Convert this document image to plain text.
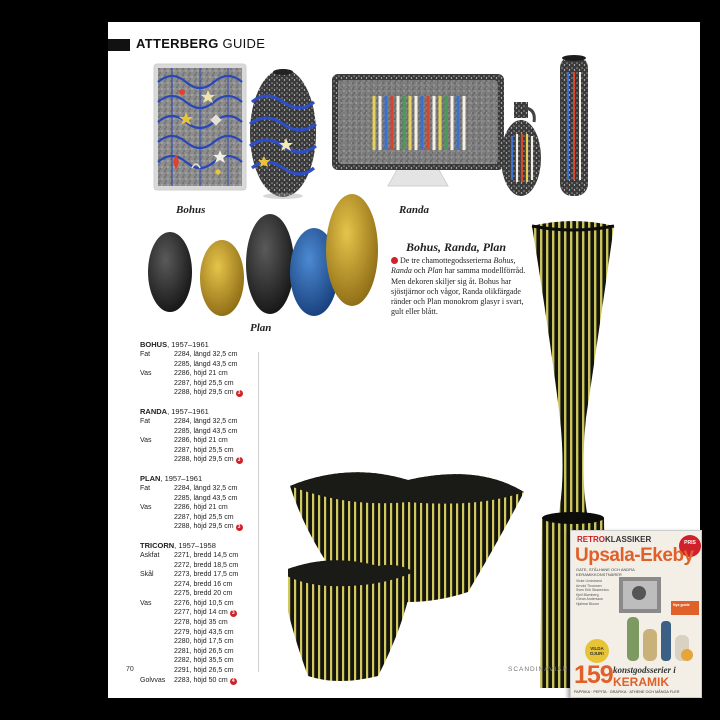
ATTERBERG GUIDE
Bohus	Randa
Plan
Bohus, Randa, Plan
De tre chamottegodsserierna Bohus, Randa och Plan har samma modellförråd. Men dekoren skiljer sig åt. Bohus har sjöstjärnor och vågor, Randa olikfärgade ränder och Plan monokrom glasyr i svart, gult eller blått.
BOHUS, 1957–1961
Fat	2284, längd 32,5 cm
2285, längd 43,5 cm
Vas	2286, höjd 21 cm
2287, höjd 25,5 cm
2288, höjd 29,5 cm 3
RANDA, 1957–1961
Fat	2284, längd 32,5 cm
2285, längd 43,5 cm
Vas	2286, höjd 21 cm
2287, höjd 25,5 cm
2288, höjd 29,5 cm 3
PLAN, 1957–1961
Fat	2284, längd 32,5 cm
2285, längd 43,5 cm
Vas	2286, höjd 21 cm
2287, höjd 25,5 cm
2288, höjd 29,5 cm 3
TRICORN, 1957–1958
Askfat	2271, bredd 14,5 cm
2272, bredd 18,5 cm
Skål	2273, bredd 17,5 cm
2274, bredd 16 cm
2275, bredd 20 cm
Vas	2276, höjd 10,5 cm
2277, höjd 14 cm 3
2278, höjd 35 cm
2279, höjd 43,5 cm
2280, höjd 17,5 cm
2281, höjd 26,5 cm
2282, höjd 35,5 cm
2291, höjd 26,5 cm
Golvvas	2283, höjd 50 cm 4
70	SCANDINAVIAN
RETROKLASSIKER	PRIS
Upsala-Ekeby
GATE, STÅLHANE OCH ANDRA KERAMIKKONSTNÄRER
Vicke Lindstrand
Arnold Thomsen
Sven Erik Skawonius
Kjell Blomberg
Göran Andersson
Hjalmar Bloom	Nya guide
VILDA DJUR!
159 konstgodsserier i
KERAMIK
PAPRIKA · PEPITA · GRAFIKA · ATHENE OCH MÅNGA FLER
